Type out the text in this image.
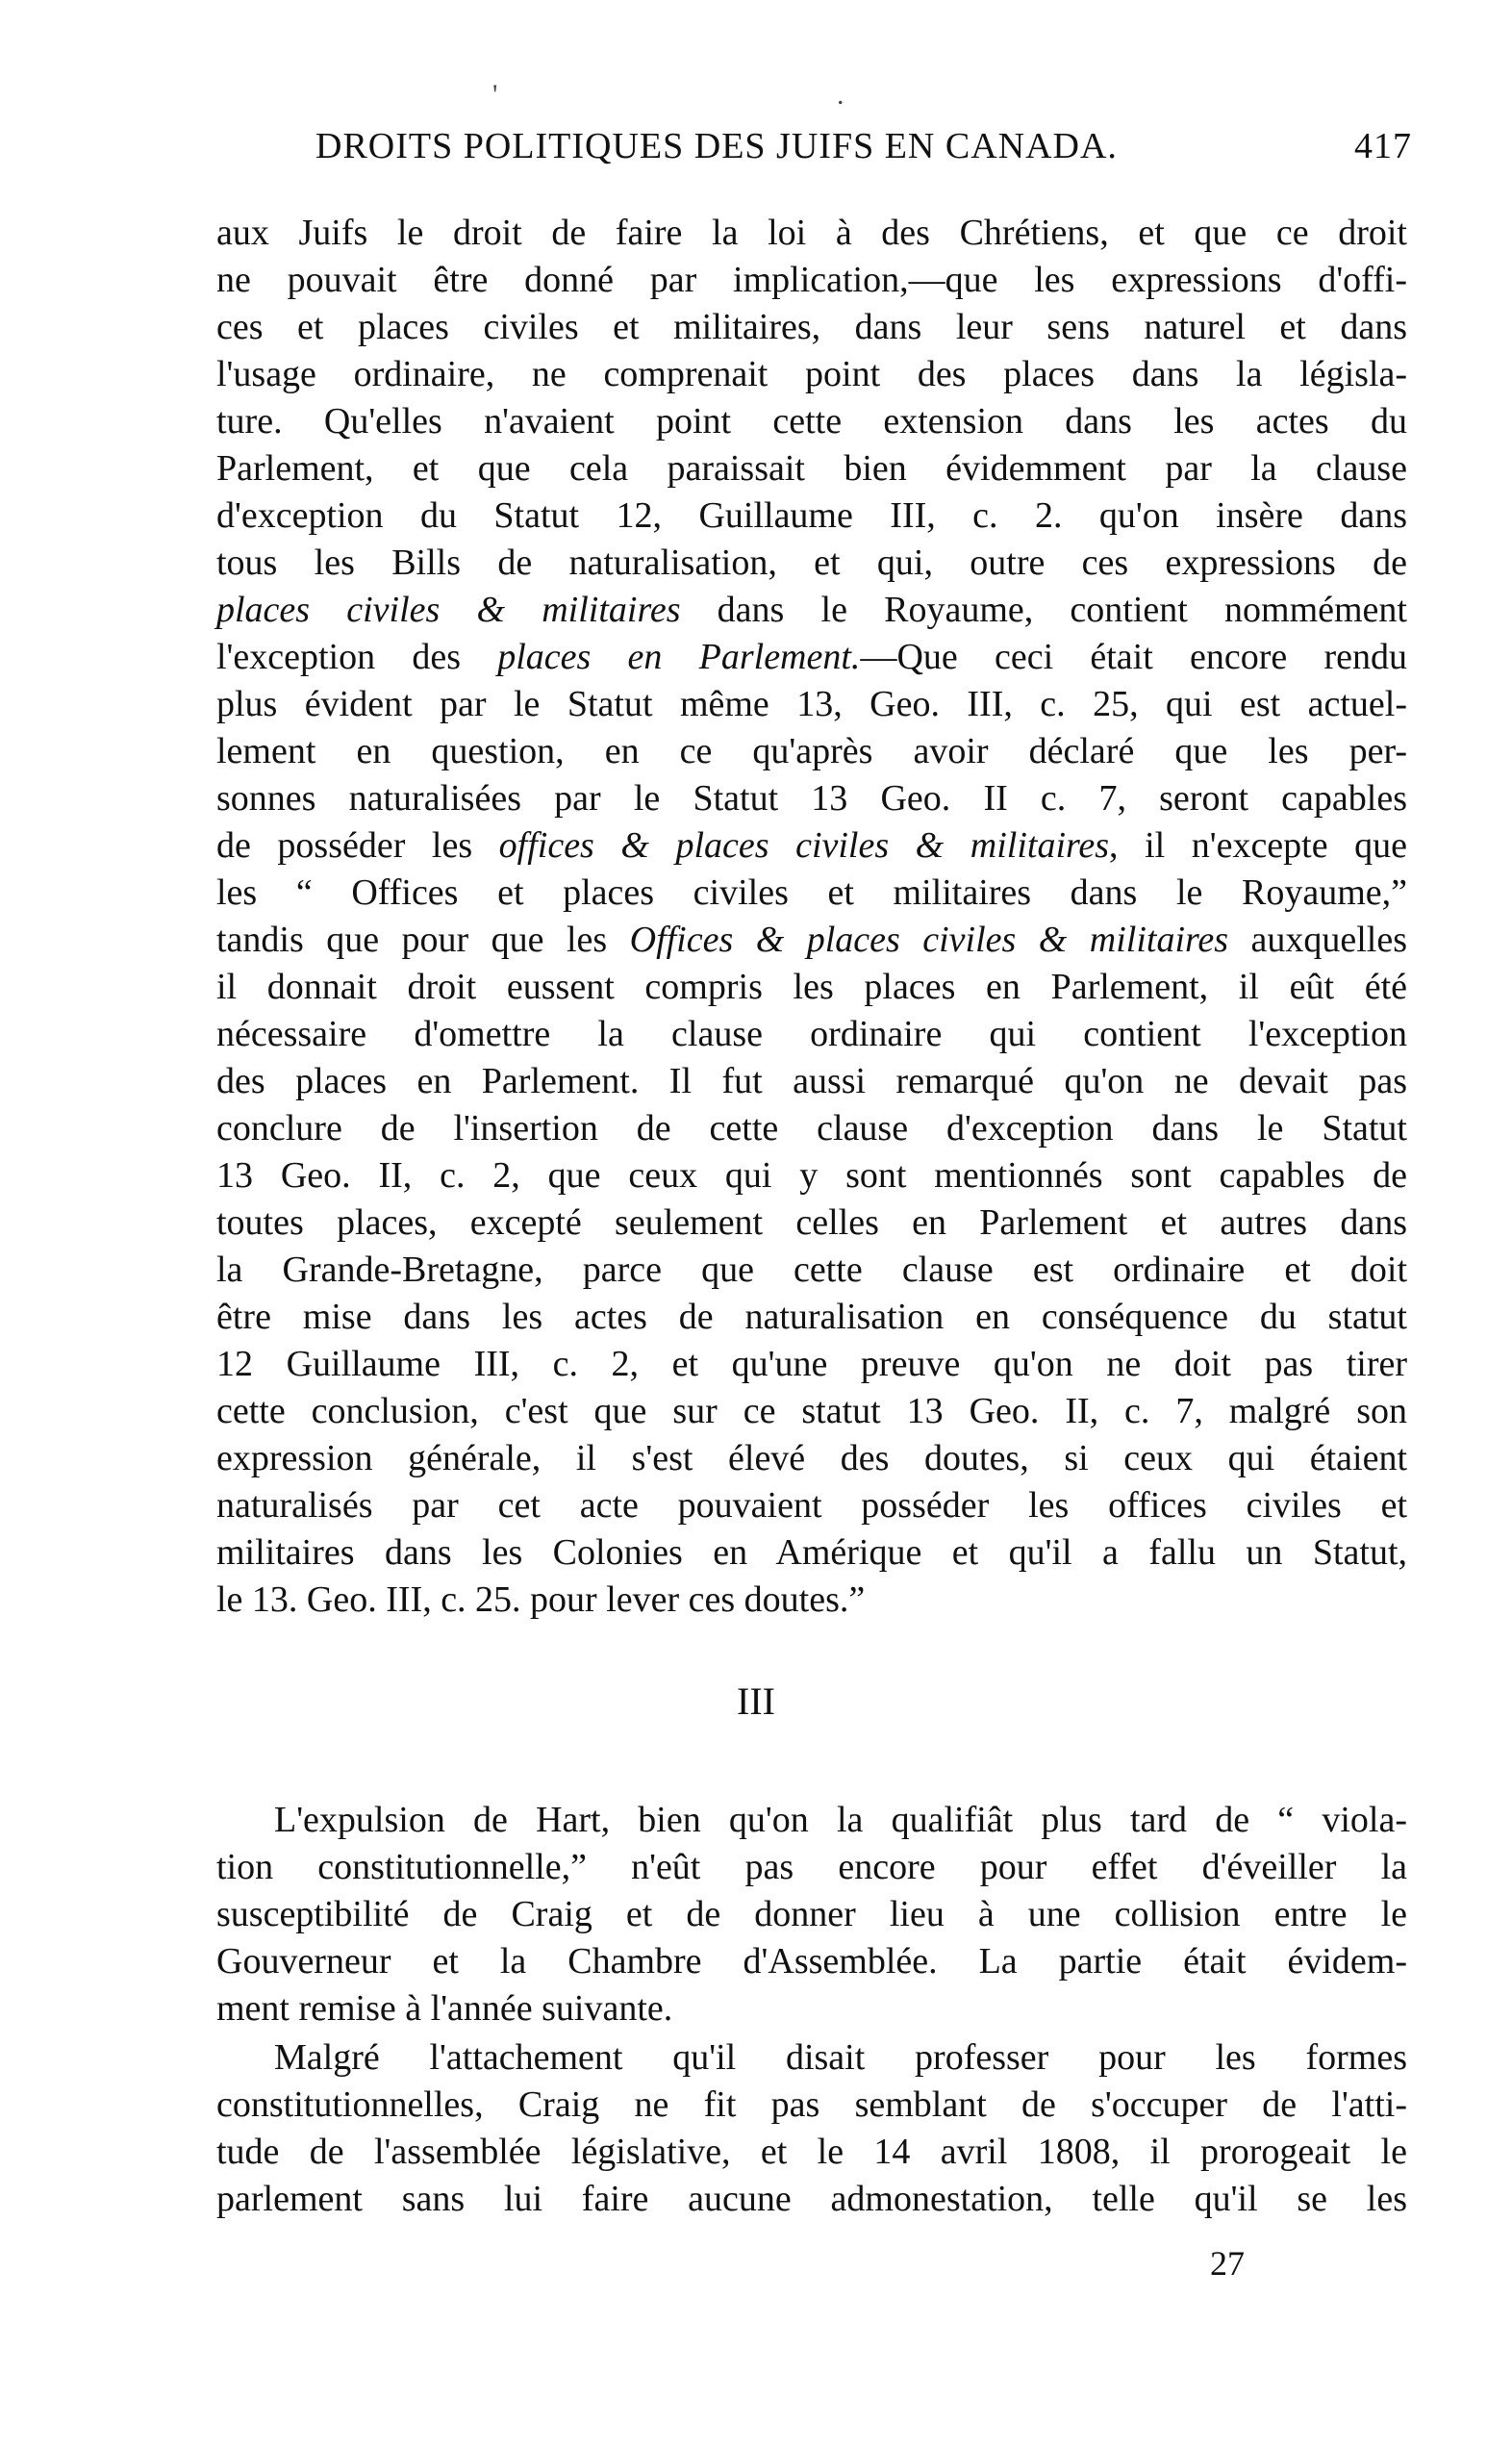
'	.
DROITS POLITIQUES DES JUIFS EN CANADA.	417
aux Juifs le droit de faire la loi à des Chrétiens, et que ce droit
ne pouvait être donné par implication,—que les expressions d'offi-
ces et places civiles et militaires, dans leur sens naturel et dans
l'usage ordinaire, ne comprenait point des places dans la législa-
ture. Qu'elles n'avaient point cette extension dans les actes du
Parlement, et que cela paraissait bien évidemment par la clause
d'exception du Statut 12, Guillaume III, c. 2. qu'on insère dans
tous les Bills de naturalisation, et qui, outre ces expressions de
places civiles & militaires dans le Royaume, contient nommément
l'exception des places en Parlement.—Que ceci était encore rendu
plus évident par le Statut même 13, Geo. III, c. 25, qui est actuel-
lement en question, en ce qu'après avoir déclaré que les per-
sonnes naturalisées par le Statut 13 Geo. II c. 7, seront capables
de posséder les offices & places civiles & militaires, il n'excepte que
les “ Offices et places civiles et militaires dans le Royaume,”
tandis que pour que les Offices & places civiles & militaires auxquelles
il donnait droit eussent compris les places en Parlement, il eût été
nécessaire d'omettre la clause ordinaire qui contient l'exception
des places en Parlement. Il fut aussi remarqué qu'on ne devait pas
conclure de l'insertion de cette clause d'exception dans le Statut
13 Geo. II, c. 2, que ceux qui y sont mentionnés sont capables de
toutes places, excepté seulement celles en Parlement et autres dans
la Grande-Bretagne, parce que cette clause est ordinaire et doit
être mise dans les actes de naturalisation en conséquence du statut
12 Guillaume III, c. 2, et qu'une preuve qu'on ne doit pas tirer
cette conclusion, c'est que sur ce statut 13 Geo. II, c. 7, malgré son
expression générale, il s'est élevé des doutes, si ceux qui étaient
naturalisés par cet acte pouvaient posséder les offices civiles et
militaires dans les Colonies en Amérique et qu'il a fallu un Statut,
le 13. Geo. III, c. 25. pour lever ces doutes.”
III
L'expulsion de Hart, bien qu'on la qualifiât plus tard de “ viola-
tion constitutionnelle,” n'eût pas encore pour effet d'éveiller la
susceptibilité de Craig et de donner lieu à une collision entre le
Gouverneur et la Chambre d'Assemblée. La partie était évidem-
ment remise à l'année suivante.
Malgré l'attachement qu'il disait professer pour les formes
constitutionnelles, Craig ne fit pas semblant de s'occuper de l'atti-
tude de l'assemblée législative, et le 14 avril 1808, il prorogeait le
parlement sans lui faire aucune admonestation, telle qu'il se les
27
